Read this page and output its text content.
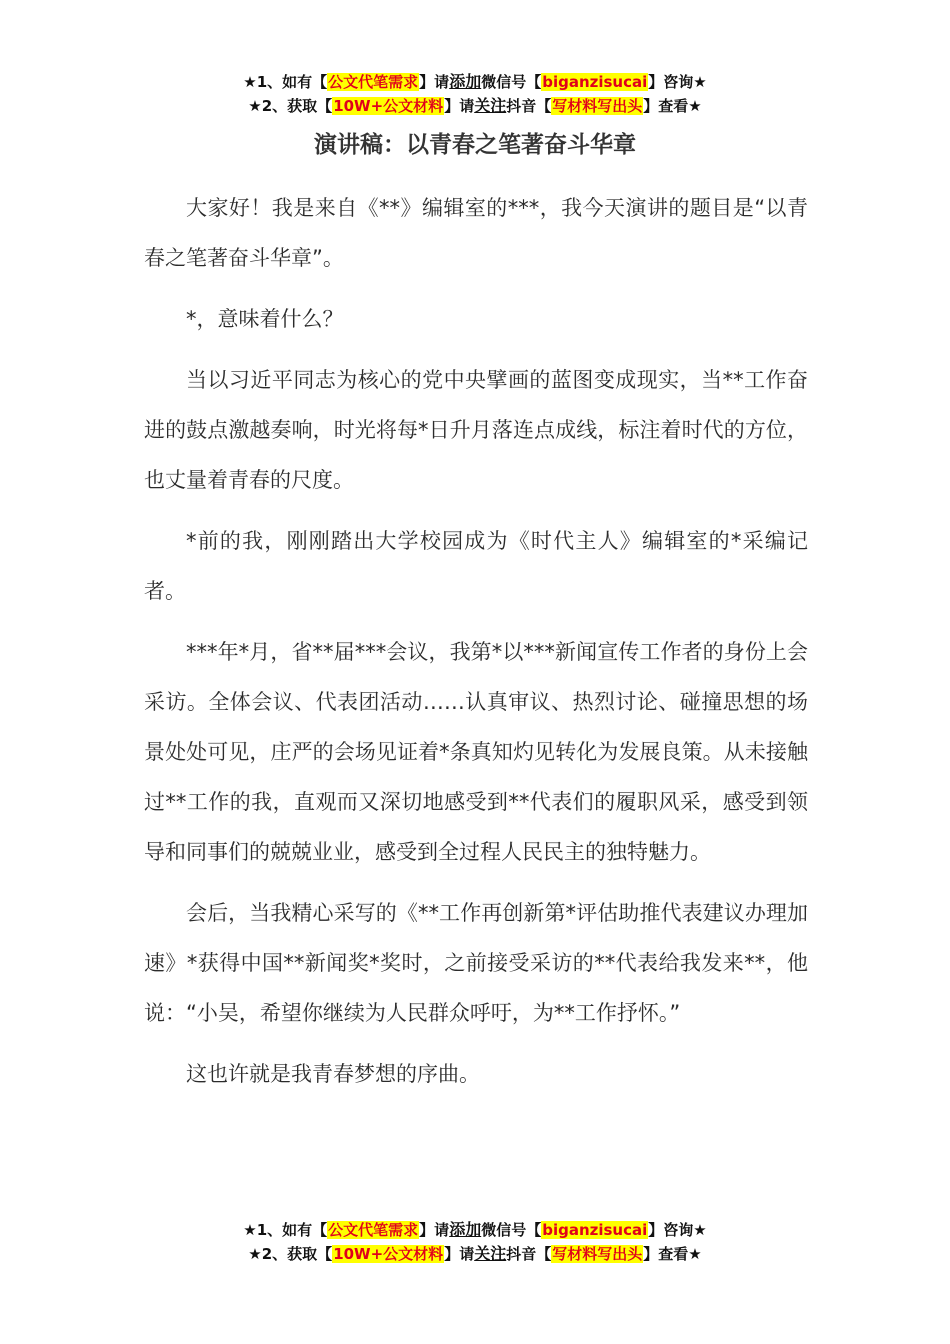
★1、如有【公文代笔需求】请添加微信号【biganzisucai】咨询★
★2、获取【10W+公文材料】请关注抖音【写材料写出头】查看★
演讲稿：以青春之笔著奋斗华章

大家好！我是来自《**》编辑室的***，我今天演讲的题目是“以青春之笔著奋斗华章”。

*，意味着什么？

当以习近平同志为核心的党中央擘画的蓝图变成现实，当**工作奋进的鼓点激越奏响，时光将每*日升月落连点成线，标注着时代的方位，也丈量着青春的尺度。

*前的我，刚刚踏出大学校园成为《时代主人》编辑室的*采编记者。

***年*月，省**届***会议，我第*以***新闻宣传工作者的身份上会采访。全体会议、代表团活动……认真审议、热烈讨论、碰撞思想的场景处处可见，庄严的会场见证着*条真知灼见转化为发展良策。从未接触过**工作的我，直观而又深切地感受到**代表们的履职风采，感受到领导和同事们的兢兢业业，感受到全过程人民民主的独特魅力。

会后，当我精心采写的《**工作再创新第*评估助推代表建议办理加速》*获得中国**新闻奖*奖时，之前接受采访的**代表给我发来**，他说：“小吴，希望你继续为人民群众呼吁，为**工作抒怀。”

这也许就是我青春梦想的序曲。

★1、如有【公文代笔需求】请添加微信号【biganzisucai】咨询★
★2、获取【10W+公文材料】请关注抖音【写材料写出头】查看★
